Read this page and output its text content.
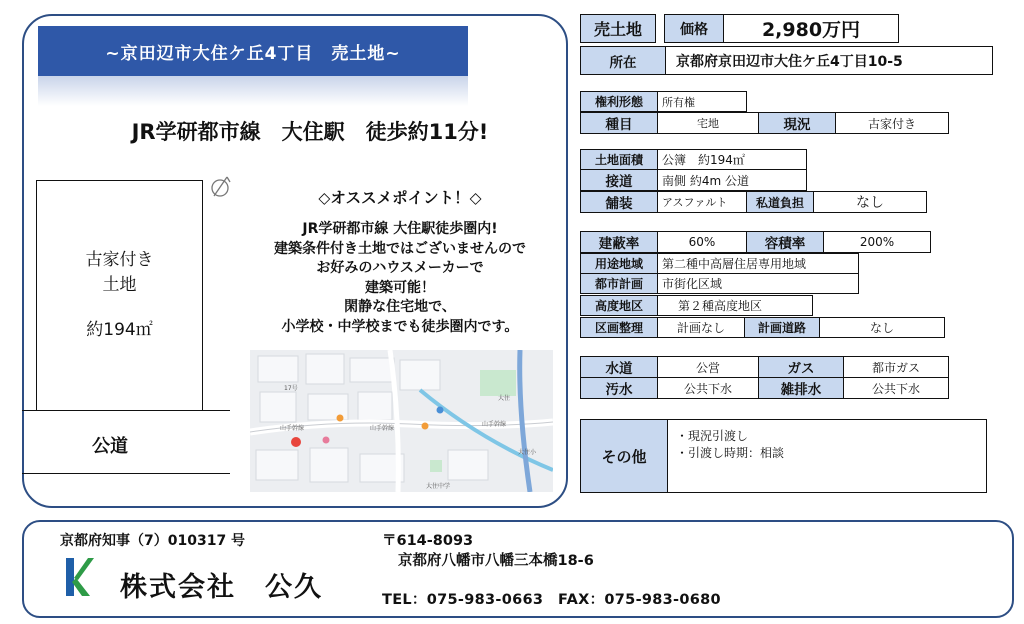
~京田辺市大住ケ丘4丁目　売土地~
JR学研都市線　大住駅　徒歩約11分!
古家付き
土地
約194㎡
公道
◇オススメポイント！◇
JR学研都市線 大住駅徒歩圏内!
建築条件付き土地ではございませんので
お好みのハウスメーカーで
建築可能！
閑静な住宅地で、
小学校・中学校までも徒歩圏内です。
大住
大住小
大住中学
山手幹線	山手幹線
山手幹線
17号
売土地		価格	2,980万円
所在	京都府京田辺市大住ケ丘4丁目10-5
権利形態	所有権
種目	宅地	現況	古家付き
土地面積	公簿　約194㎡
接道	南側 約4m 公道
舗装	アスファルト	私道負担	なし
建蔽率	60%	容積率	200%
用途地域	第二種中高層住居専用地域
都市計画	市街化区域
高度地区	第２種高度地区
区画整理	計画なし	計画道路	なし
水道	公営	ガス	都市ガス
汚水	公共下水	雑排水	公共下水
その他	
・現況引渡し
・引渡し時期：相談
京都府知事（7）010317 号
株式会社　公久
〒614-8093
京都府八幡市八幡三本橋18-6
TEL：075-983-0663　FAX：075-983-0680
